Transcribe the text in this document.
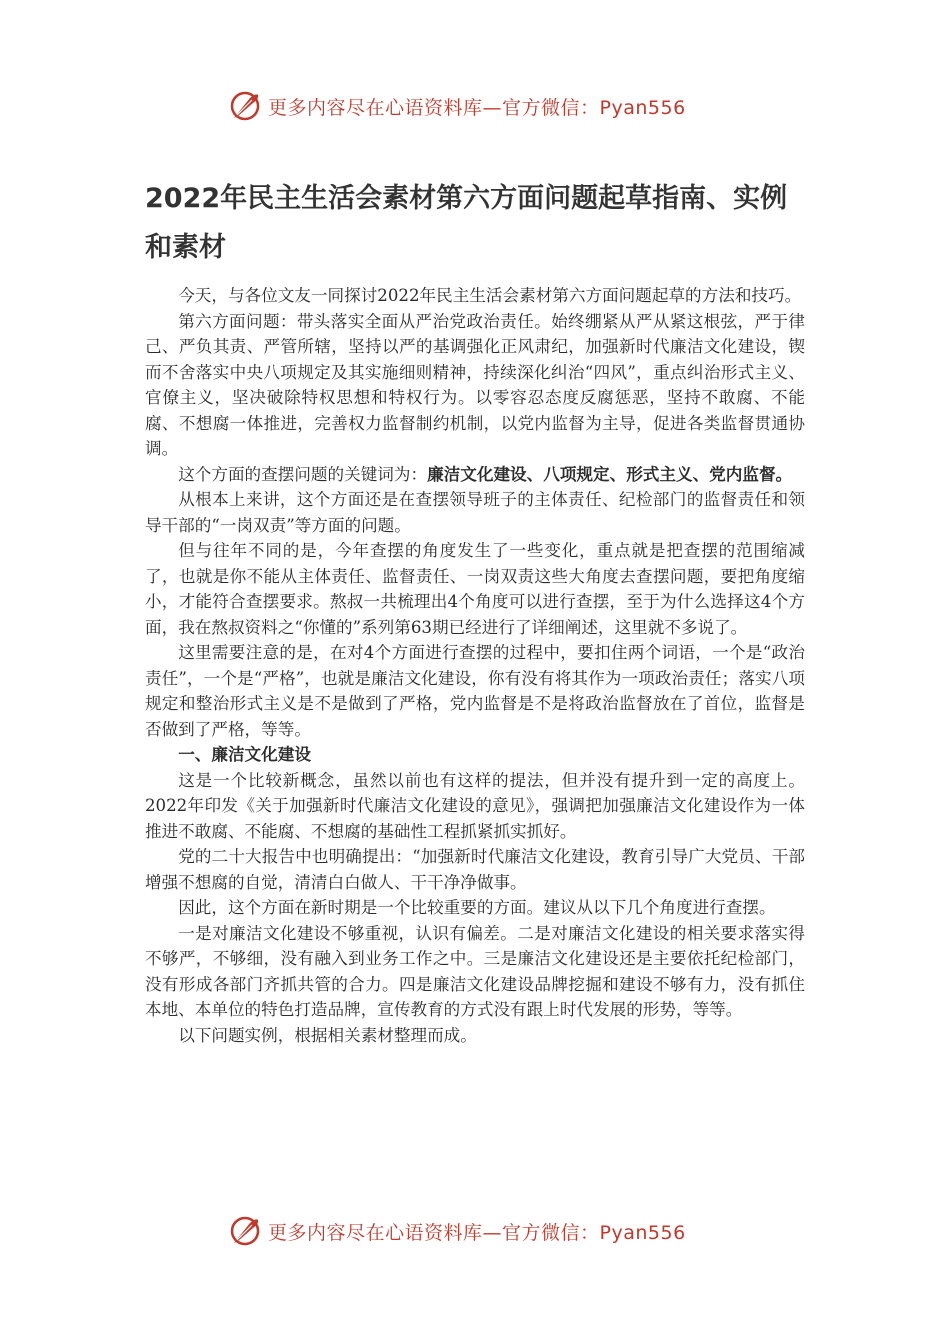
更多内容尽在心语资料库—官方微信：Pyan556
2022年民主生活会素材第六方面问题起草指南、实例和素材

今天，与各位文友一同探讨2022年民主生活会素材第六方面问题起草的方法和技巧。

第六方面问题：带头落实全面从严治党政治责任。始终绷紧从严从紧这根弦，严于律己、严负其责、严管所辖，坚持以严的基调强化正风肃纪，加强新时代廉洁文化建设，锲而不舍落实中央八项规定及其实施细则精神，持续深化纠治“四风”，重点纠治形式主义、官僚主义，坚决破除特权思想和特权行为。以零容忍态度反腐惩恶，坚持不敢腐、不能腐、不想腐一体推进，完善权力监督制约机制，以党内监督为主导，促进各类监督贯通协调。

这个方面的查摆问题的关键词为：廉洁文化建设、八项规定、形式主义、党内监督。

从根本上来讲，这个方面还是在查摆领导班子的主体责任、纪检部门的监督责任和领导干部的“一岗双责”等方面的问题。

但与往年不同的是，今年查摆的角度发生了一些变化，重点就是把查摆的范围缩减了，也就是你不能从主体责任、监督责任、一岗双责这些大角度去查摆问题，要把角度缩小，才能符合查摆要求。熬叔一共梳理出4个角度可以进行查摆，至于为什么选择这4个方面，我在熬叔资料之“你懂的”系列第63期已经进行了详细阐述，这里就不多说了。

这里需要注意的是，在对4个方面进行查摆的过程中，要扣住两个词语，一个是“政治责任”，一个是“严格”，也就是廉洁文化建设，你有没有将其作为一项政治责任；落实八项规定和整治形式主义是不是做到了严格，党内监督是不是将政治监督放在了首位，监督是否做到了严格，等等。

一、廉洁文化建设

这是一个比较新概念，虽然以前也有这样的提法，但并没有提升到一定的高度上。2022年印发《关于加强新时代廉洁文化建设的意见》，强调把加强廉洁文化建设作为一体推进不敢腐、不能腐、不想腐的基础性工程抓紧抓实抓好。

党的二十大报告中也明确提出：“加强新时代廉洁文化建设，教育引导广大党员、干部增强不想腐的自觉，清清白白做人、干干净净做事。

因此，这个方面在新时期是一个比较重要的方面。建议从以下几个角度进行查摆。

一是对廉洁文化建设不够重视，认识有偏差。二是对廉洁文化建设的相关要求落实得不够严，不够细，没有融入到业务工作之中。三是廉洁文化建设还是主要依托纪检部门，没有形成各部门齐抓共管的合力。四是廉洁文化建设品牌挖掘和建设不够有力，没有抓住本地、本单位的特色打造品牌，宣传教育的方式没有跟上时代发展的形势，等等。

以下问题实例，根据相关素材整理而成。

更多内容尽在心语资料库—官方微信：Pyan556
